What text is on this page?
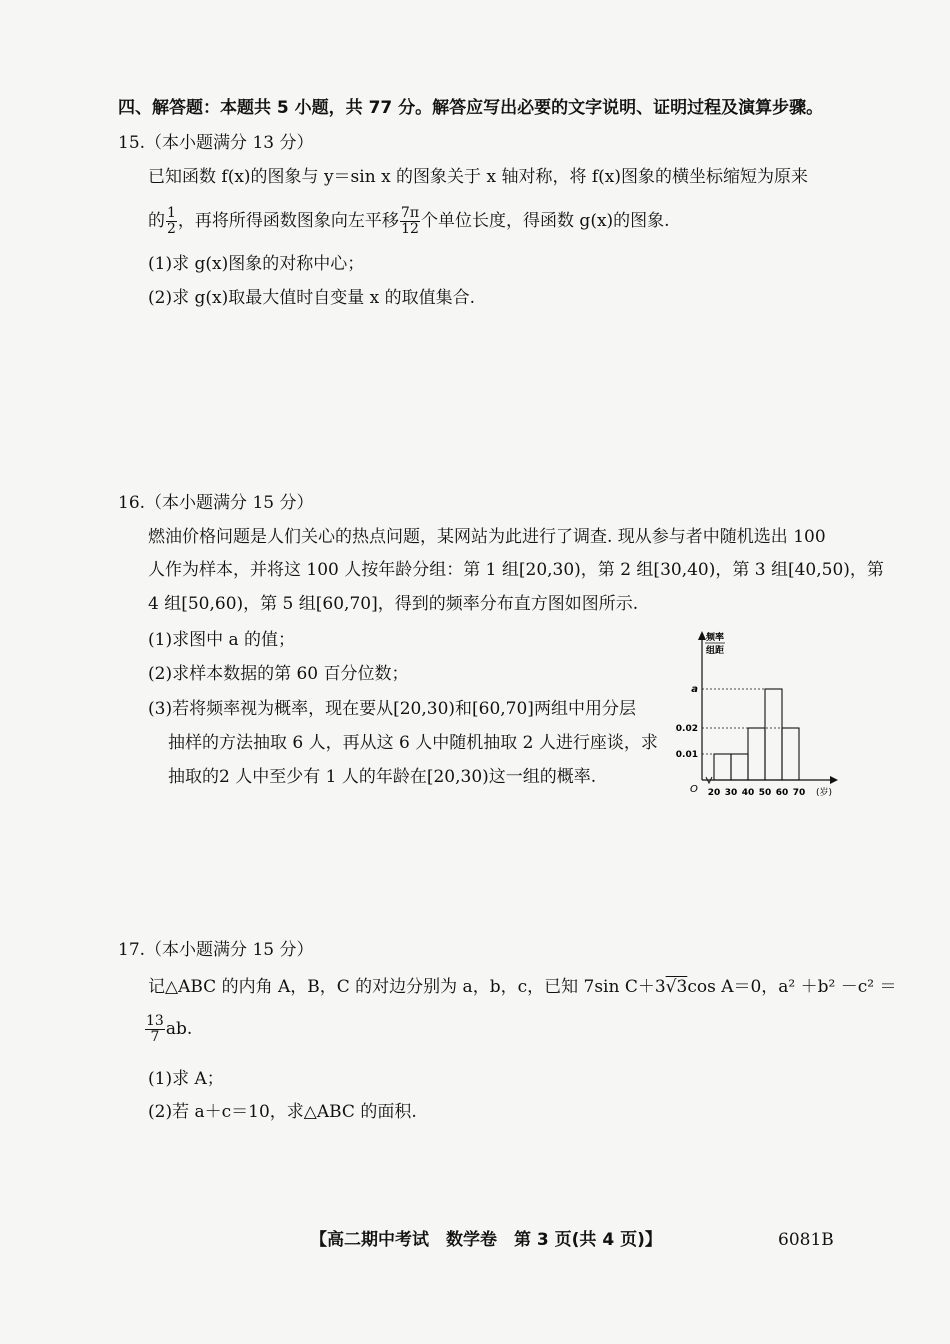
四、解答题：本题共 5 小题，共 77 分。解答应写出必要的文字说明、证明过程及演算步骤。
15.（本小题满分 13 分）
已知函数 f(x)的图象与 y＝sin x 的图象关于 x 轴对称，将 f(x)图象的横坐标缩短为原来
的 $\frac{1}{2}$ ，再将所得函数图象向左平移 $\frac{7\pi}{12}$ 个单位长度，得函数 g(x)的图象.
(1)求 g(x)图象的对称中心；
(2)求 g(x)取最大值时自变量 x 的取值集合.
16.（本小题满分 15 分）
燃油价格问题是人们关心的热点问题，某网站为此进行了调查. 现从参与者中随机选出 100
人作为样本，并将这 100 人按年龄分组：第 1 组[20,30)，第 2 组[30,40)，第 3 组[40,50)，第
4 组[50,60)，第 5 组[60,70]，得到的频率分布直方图如图所示.
(1)求图中 a 的值；
(2)求样本数据的第 60 百分位数；
(3)若将频率视为概率，现在要从[20,30)和[60,70]两组中用分层
抽样的方法抽取 6 人，再从这 6 人中随机抽取 2 人进行座谈，求
抽取的2 人中至少有 1 人的年龄在[20,30)这一组的概率.
频率
组距
O	(岁)
20 30 40 50 60 70
0.01
0.02
a
17.（本小题满分 15 分）
记△ABC 的内角 A，B，C 的对边分别为 a，b，c，已知 7sin C＋3√3cos A＝0，a² ＋b² －c² ＝
$\frac{13}{7}$ ab.
(1)求 A；
(2)若 a＋c＝10，求△ABC 的面积.
【高二期中考试　数学卷　第 3 页(共 4 页)】	6081B
